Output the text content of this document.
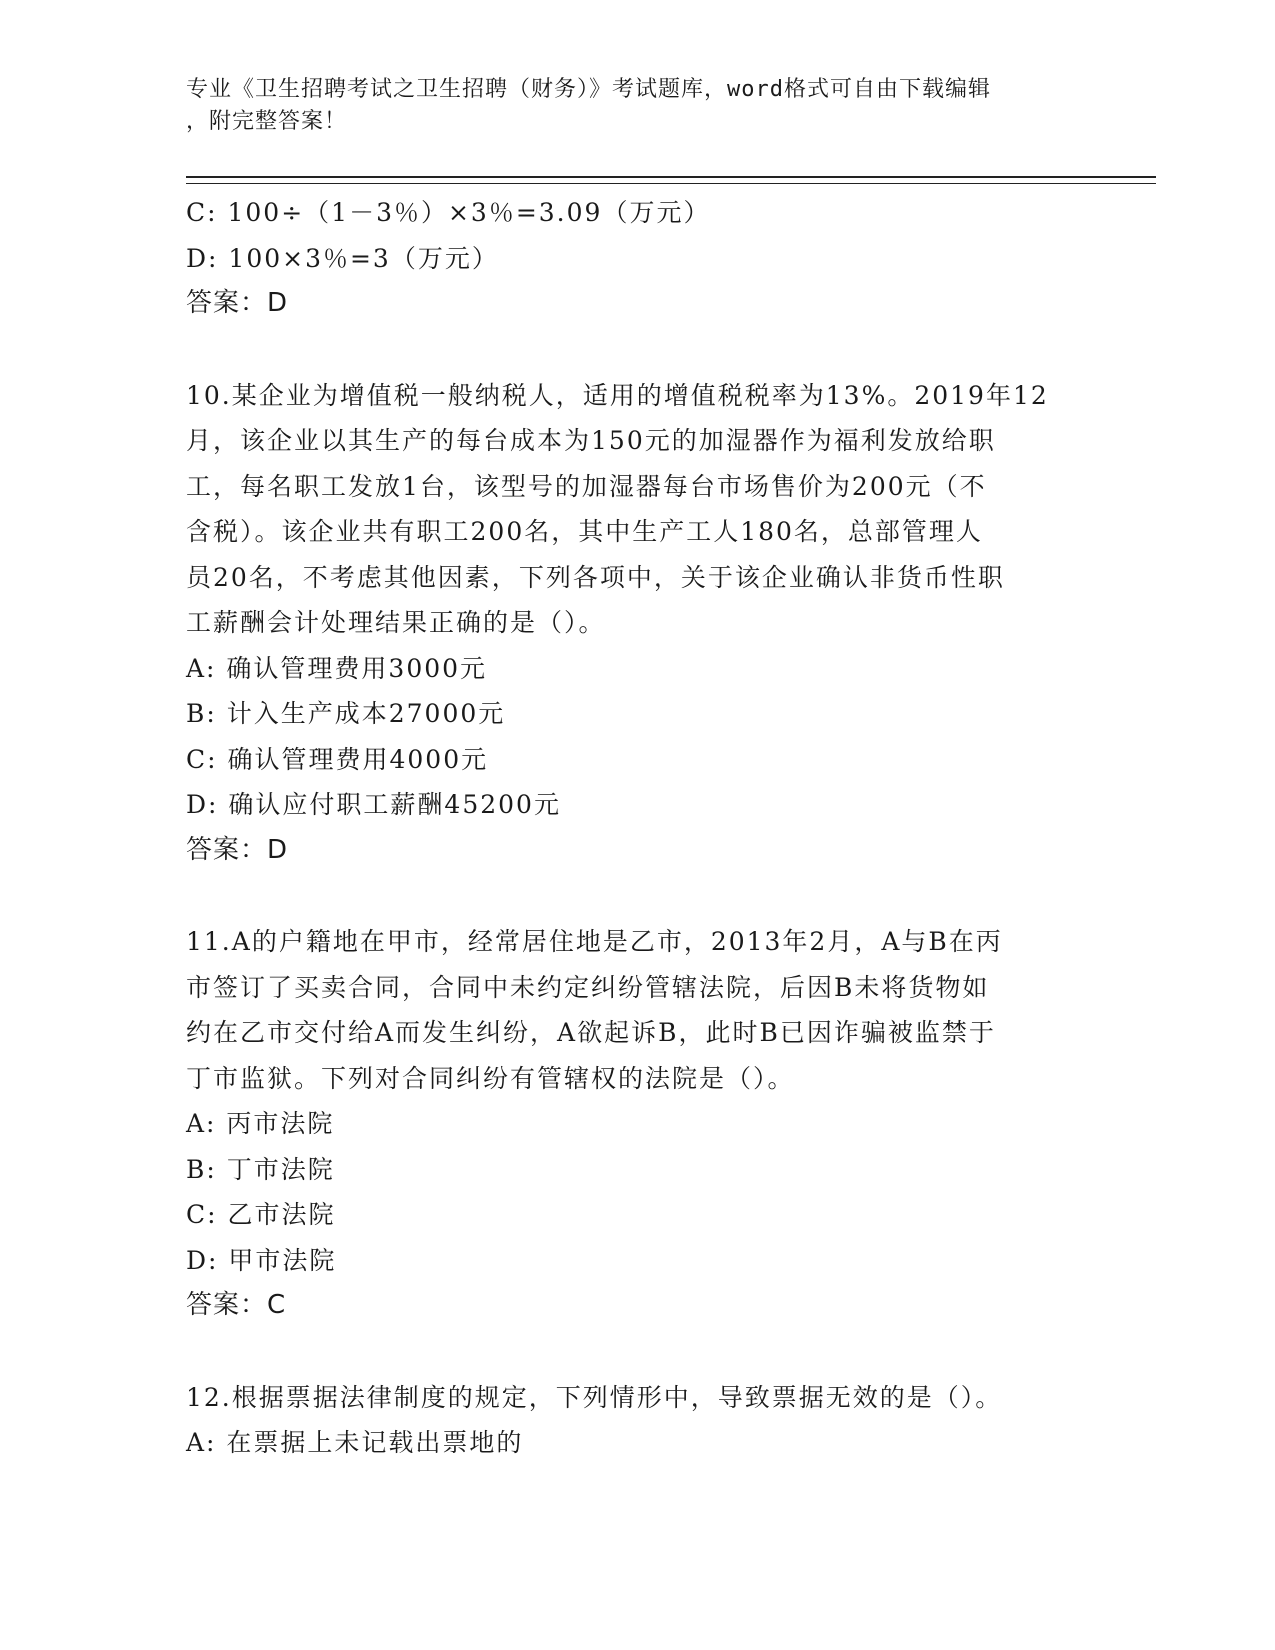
专业《卫生招聘考试之卫生招聘（财务）》考试题库，word格式可自由下载编辑
，附完整答案！
C: 100÷（1－3％）×3％=3.09（万元）
D: 100×3％=3（万元）
答案：D
10.某企业为增值税一般纳税人，适用的增值税税率为13%。2019年12
月，该企业以其生产的每台成本为150元的加湿器作为福利发放给职
工，每名职工发放1台，该型号的加湿器每台市场售价为200元（不
含税）。该企业共有职工200名，其中生产工人180名，总部管理人
员20名，不考虑其他因素，下列各项中，关于该企业确认非货币性职
工薪酬会计处理结果正确的是（）。
A: 确认管理费用3000元
B: 计入生产成本27000元
C: 确认管理费用4000元
D: 确认应付职工薪酬45200元
答案：D
11.A的户籍地在甲市，经常居住地是乙市，2013年2月，A与B在丙
市签订了买卖合同，合同中未约定纠纷管辖法院，后因B未将货物如
约在乙市交付给A而发生纠纷，A欲起诉B，此时B已因诈骗被监禁于
丁市监狱。下列对合同纠纷有管辖权的法院是（）。
A: 丙市法院
B: 丁市法院
C: 乙市法院
D: 甲市法院
答案：C
12.根据票据法律制度的规定，下列情形中，导致票据无效的是（）。
A: 在票据上未记载出票地的
